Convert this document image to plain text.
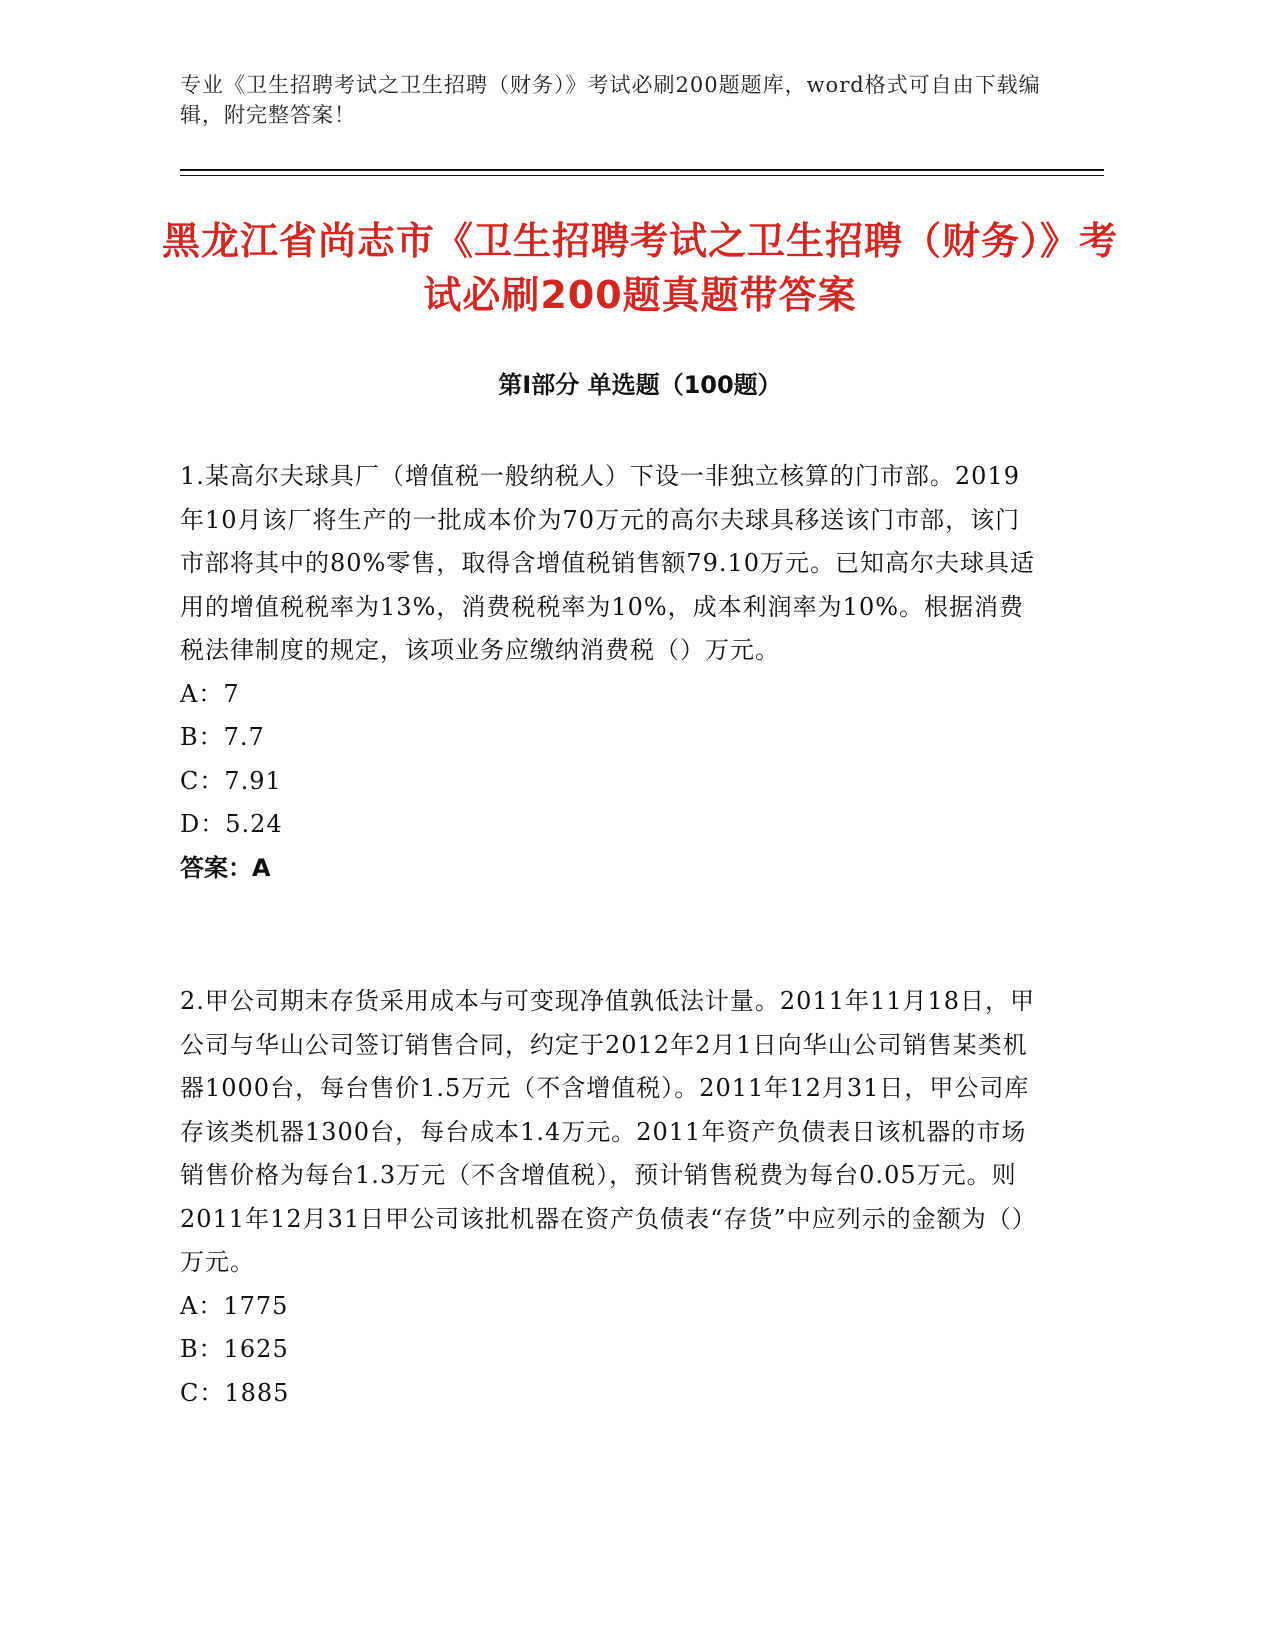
专业《卫生招聘考试之卫生招聘（财务）》考试必刷200题题库，word格式可自由下载编辑，附完整答案！
黑龙江省尚志市《卫生招聘考试之卫生招聘（财务）》考试必刷200题真题带答案
第Ⅰ部分 单选题（100题）

1.某高尔夫球具厂（增值税一般纳税人）下设一非独立核算的门市部。2019年10月该厂将生产的一批成本价为70万元的高尔夫球具移送该门市部，该门市部将其中的80%零售，取得含增值税销售额79.10万元。已知高尔夫球具适用的增值税税率为13%，消费税税率为10%，成本利润率为10%。根据消费税法律制度的规定，该项业务应缴纳消费税（）万元。

A：7

B：7.7

C：7.91

D：5.24

答案：A

2.甲公司期末存货采用成本与可变现净值孰低法计量。2011年11月18日，甲公司与华山公司签订销售合同，约定于2012年2月1日向华山公司销售某类机器1000台，每台售价1.5万元（不含增值税）。2011年12月31日，甲公司库存该类机器1300台，每台成本1.4万元。2011年资产负债表日该机器的市场销售价格为每台1.3万元（不含增值税），预计销售税费为每台0.05万元。则2011年12月31日甲公司该批机器在资产负债表“存货”中应列示的金额为（）万元。

A：1775

B：1625

C：1885
